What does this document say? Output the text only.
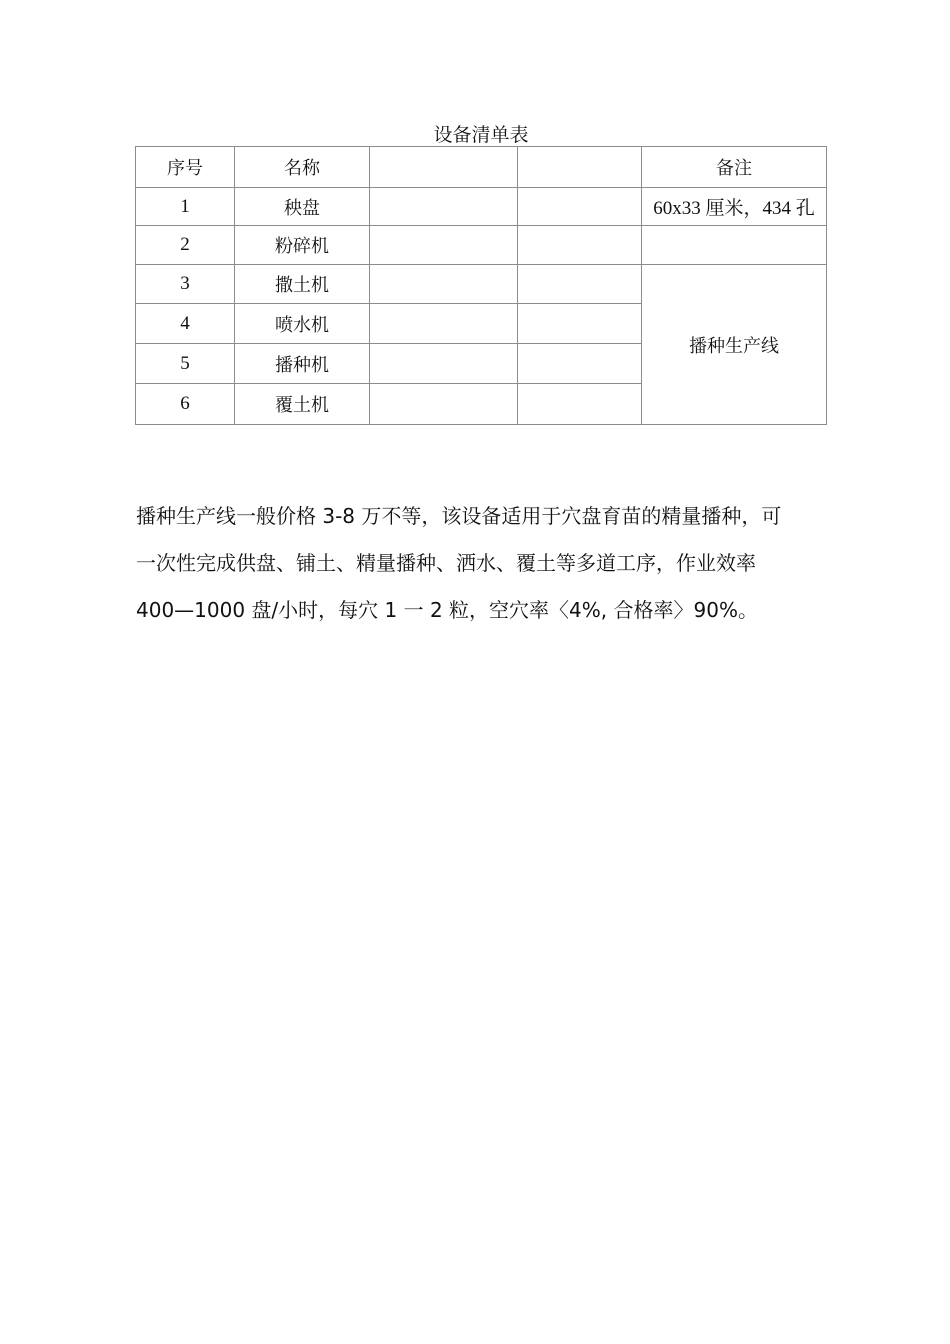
设备清单表
序号	名称			备注
1	秧盘			60x33 厘米，434 孔
2	粉碎机			
3	撒土机			播种生产线
4	喷水机			
5	播种机			
6	覆土机			
播种生产线一般价格 3-8 万不等，该设备适用于穴盘育苗的精量播种，可
一次性完成供盘、铺土、精量播种、洒水、覆土等多道工序，作业效率
400—1000 盘/小时，每穴 1 一 2 粒，空穴率〈4%, 合格率〉90%。
